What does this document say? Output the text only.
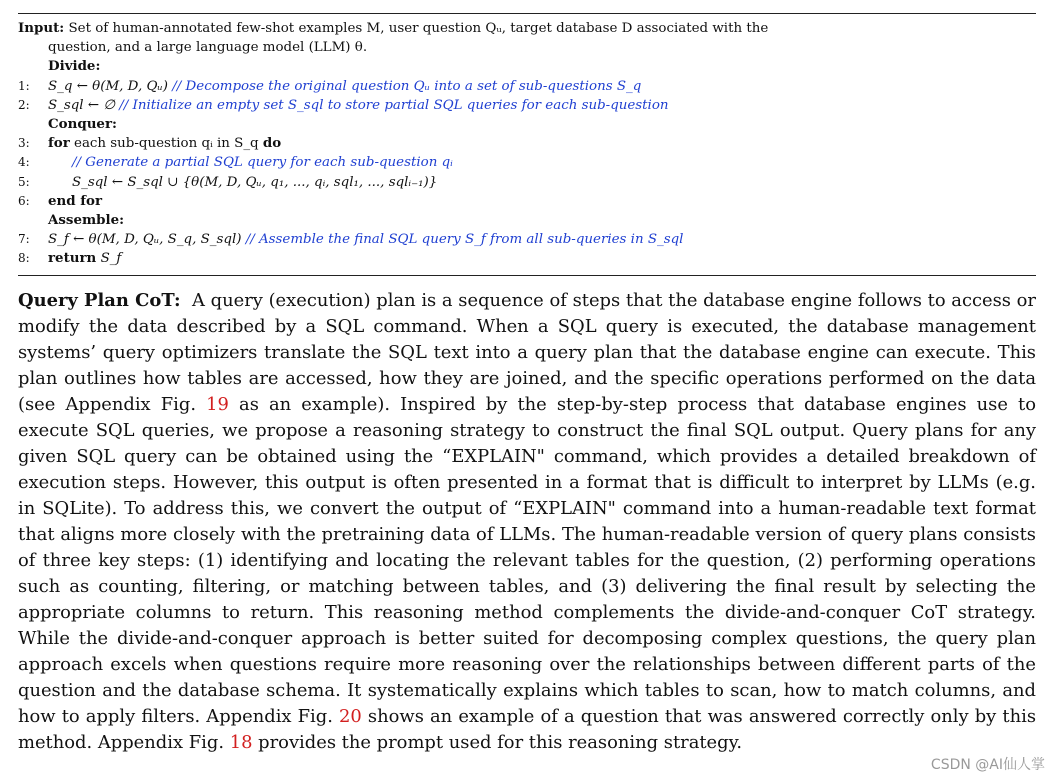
Input:
Set of human-annotated few-shot examples M, user question Qᵤ, target database D associated with the
question, and a large language model (LLM) θ.
Divide:
1:	S_q ← θ(M, D, Qᵤ)
// Decompose the original question Qᵤ into a set of sub-questions S_q
2:	S_sql ← ∅
// Initialize an empty set S_sql to store partial SQL queries for each sub-question
Conquer:
3:	for
each sub-question qᵢ in S_q
do
4:	// Generate a partial SQL query for each sub-question qᵢ
5:	S_sql ← S_sql ∪ {θ(M, D, Qᵤ, q₁, ..., qᵢ, sql₁, ..., sqlᵢ₋₁)}
6:	end for
Assemble:
7:	S_f ← θ(M, D, Qᵤ, S_q, S_sql)
// Assemble the final SQL query S_f from all sub-queries in S_sql
8:	return
S_f

Query Plan CoT: A query (execution) plan is a sequence of steps that the database engine follows to access or modify the data described by a SQL command. When a SQL query is executed, the database management systems’ query optimizers translate the SQL text into a query plan that the database engine can execute. This plan outlines how tables are accessed, how they are joined, and the specific operations performed on the data (see Appendix Fig. 19 as an example). Inspired by the step-by-step process that database engines use to execute SQL queries, we propose a reasoning strategy to construct the final SQL output. Query plans for any given SQL query can be obtained using the “EXPLAIN" command, which provides a detailed breakdown of execution steps. However, this output is often presented in a format that is difficult to interpret by LLMs (e.g. in SQLite). To address this, we convert the output of “EXPLAIN" command into a human-readable text format that aligns more closely with the pretraining data of LLMs. The human-readable version of query plans consists of three key steps: (1) identifying and locating the relevant tables for the question, (2) performing operations such as counting, filtering, or matching between tables, and (3) delivering the final result by selecting the appropriate columns to return. This reasoning method complements the divide-and-conquer CoT strategy. While the divide-and-conquer approach is better suited for decomposing complex questions, the query plan approach excels when questions require more reasoning over the relationships between different parts of the question and the database schema. It systematically explains which tables to scan, how to match columns, and how to apply filters. Appendix Fig. 20 shows an example of a question that was answered correctly only by this method. Appendix Fig. 18 provides the prompt used for this reasoning strategy.

CSDN @AI仙人掌
